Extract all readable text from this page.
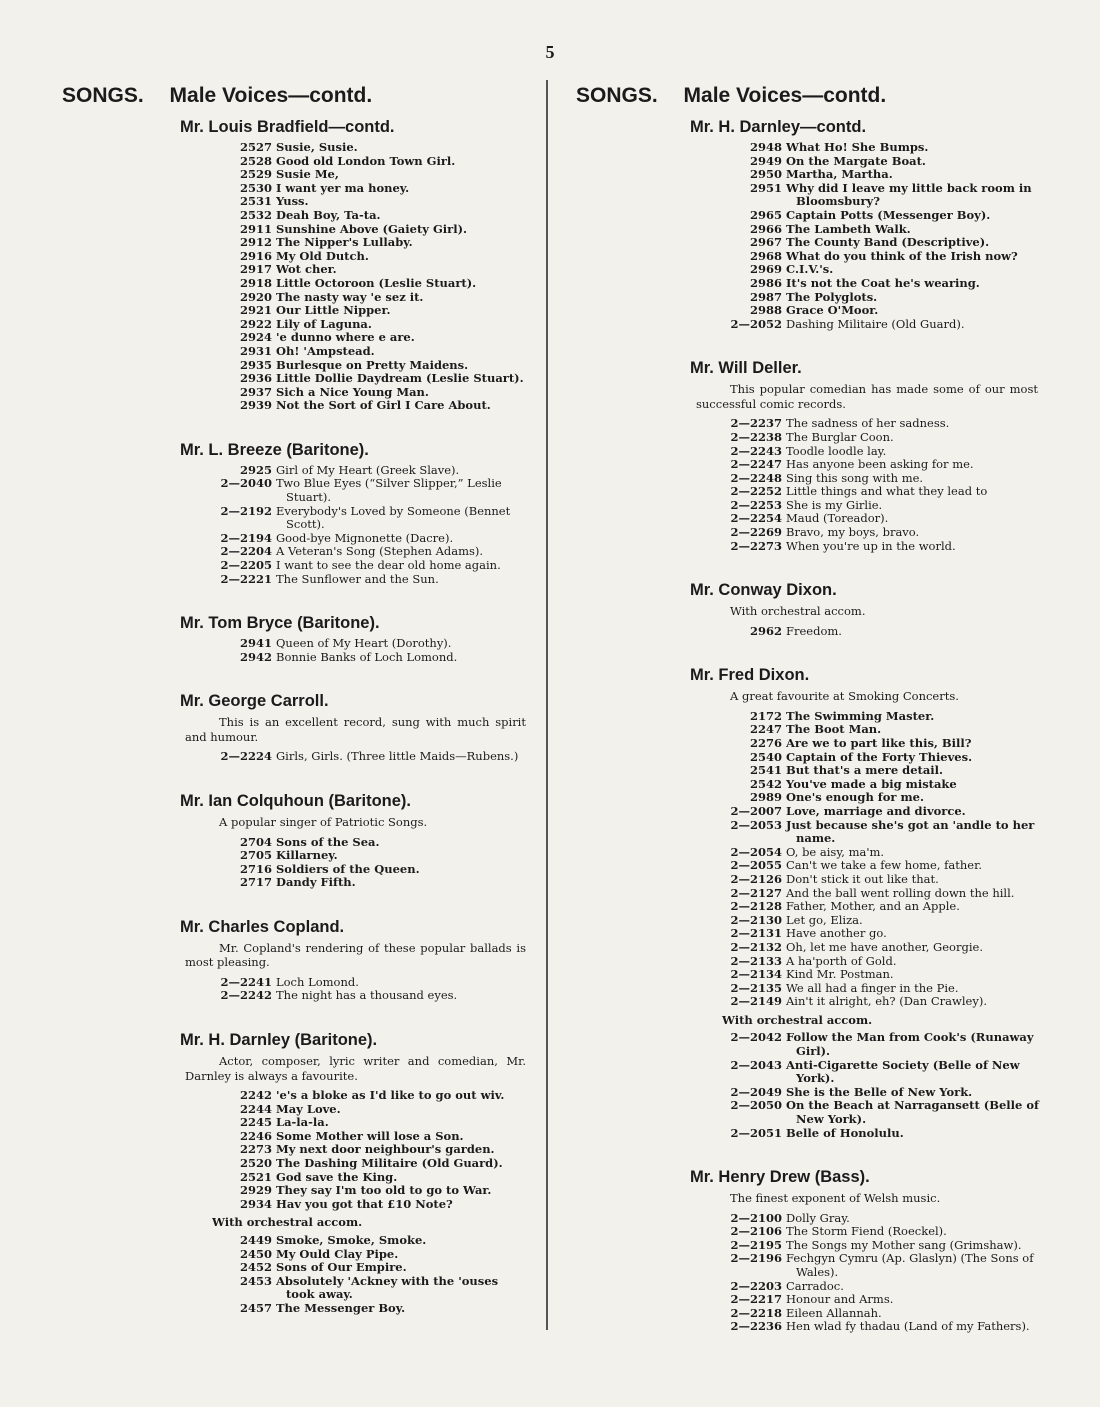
5
SONGS. Male Voices—contd.
Mr. Louis Bradfield—contd.
2527 Susie, Susie.
2528 Good old London Town Girl.
2529 Susie Me,
2530 I want yer ma honey.
2531 Yuss.
2532 Deah Boy, Ta-ta.
2911 Sunshine Above (Gaiety Girl).
2912 The Nipper's Lullaby.
2916 My Old Dutch.
2917 Wot cher.
2918 Little Octoroon (Leslie Stuart).
2920 The nasty way 'e sez it.
2921 Our Little Nipper.
2922 Lily of Laguna.
2924 'e dunno where e are.
2931 Oh! 'Ampstead.
2935 Burlesque on Pretty Maidens.
2936 Little Dollie Daydream (Leslie Stuart).
2937 Sich a Nice Young Man.
2939 Not the Sort of Girl I Care About.
Mr. L. Breeze (Baritone).
2925 Girl of My Heart (Greek Slave).
2—2040 Two Blue Eyes (“Silver Slipper,” Leslie Stuart).
2—2192 Everybody's Loved by Someone (Bennet Scott).
2—2194 Good-bye Mignonette (Dacre).
2—2204 A Veteran's Song (Stephen Adams).
2—2205 I want to see the dear old home again.
2—2221 The Sunflower and the Sun.
Mr. Tom Bryce (Baritone).
2941 Queen of My Heart (Dorothy).
2942 Bonnie Banks of Loch Lomond.
Mr. George Carroll.
This is an excellent record, sung with much spirit and humour.
2—2224 Girls, Girls. (Three little Maids—Rubens.)
Mr. Ian Colquhoun (Baritone).
A popular singer of Patriotic Songs.
2704 Sons of the Sea.
2705 Killarney.
2716 Soldiers of the Queen.
2717 Dandy Fifth.
Mr. Charles Copland.
Mr. Copland's rendering of these popular ballads is most pleasing.
2—2241 Loch Lomond.
2—2242 The night has a thousand eyes.
Mr. H. Darnley (Baritone).
Actor, composer, lyric writer and comedian, Mr. Darnley is always a favourite.
2242 'e's a bloke as I'd like to go out wiv.
2244 May Love.
2245 La-la-la.
2246 Some Mother will lose a Son.
2273 My next door neighbour's garden.
2520 The Dashing Militaire (Old Guard).
2521 God save the King.
2929 They say I'm too old to go to War.
2934 Hav you got that £10 Note?
With orchestral accom.
2449 Smoke, Smoke, Smoke.
2450 My Ould Clay Pipe.
2452 Sons of Our Empire.
2453 Absolutely 'Ackney with the 'ouses took away.
2457 The Messenger Boy.
SONGS. Male Voices—contd.
Mr. H. Darnley—contd.
2948 What Ho! She Bumps.
2949 On the Margate Boat.
2950 Martha, Martha.
2951 Why did I leave my little back room in Bloomsbury?
2965 Captain Potts (Messenger Boy).
2966 The Lambeth Walk.
2967 The County Band (Descriptive).
2968 What do you think of the Irish now?
2969 C.I.V.'s.
2986 It's not the Coat he's wearing.
2987 The Polyglots.
2988 Grace O'Moor.
2—2052 Dashing Militaire (Old Guard).
Mr. Will Deller.
This popular comedian has made some of our most successful comic records.
2—2237 The sadness of her sadness.
2—2238 The Burglar Coon.
2—2243 Toodle loodle lay.
2—2247 Has anyone been asking for me.
2—2248 Sing this song with me.
2—2252 Little things and what they lead to
2—2253 She is my Girlie.
2—2254 Maud (Toreador).
2—2269 Bravo, my boys, bravo.
2—2273 When you're up in the world.
Mr. Conway Dixon.
With orchestral accom.
2962 Freedom.
Mr. Fred Dixon.
A great favourite at Smoking Concerts.
2172 The Swimming Master.
2247 The Boot Man.
2276 Are we to part like this, Bill?
2540 Captain of the Forty Thieves.
2541 But that's a mere detail.
2542 You've made a big mistake
2989 One's enough for me.
2—2007 Love, marriage and divorce.
2—2053 Just because she's got an 'andle to her name.
2—2054 O, be aisy, ma'm.
2—2055 Can't we take a few home, father.
2—2126 Don't stick it out like that.
2—2127 And the ball went rolling down the hill.
2—2128 Father, Mother, and an Apple.
2—2130 Let go, Eliza.
2—2131 Have another go.
2—2132 Oh, let me have another, Georgie.
2—2133 A ha'porth of Gold.
2—2134 Kind Mr. Postman.
2—2135 We all had a finger in the Pie.
2—2149 Ain't it alright, eh? (Dan Crawley).
With orchestral accom.
2—2042 Follow the Man from Cook's (Runaway Girl).
2—2043 Anti-Cigarette Society (Belle of New York).
2—2049 She is the Belle of New York.
2—2050 On the Beach at Narragansett (Belle of New York).
2—2051 Belle of Honolulu.
Mr. Henry Drew (Bass).
The finest exponent of Welsh music.
2—2100 Dolly Gray.
2—2106 The Storm Fiend (Roeckel).
2—2195 The Songs my Mother sang (Grimshaw).
2—2196 Fechgyn Cymru (Ap. Glaslyn) (The Sons of Wales).
2—2203 Carradoc.
2—2217 Honour and Arms.
2—2218 Eileen Allannah.
2—2236 Hen wlad fy thadau (Land of my Fathers).
